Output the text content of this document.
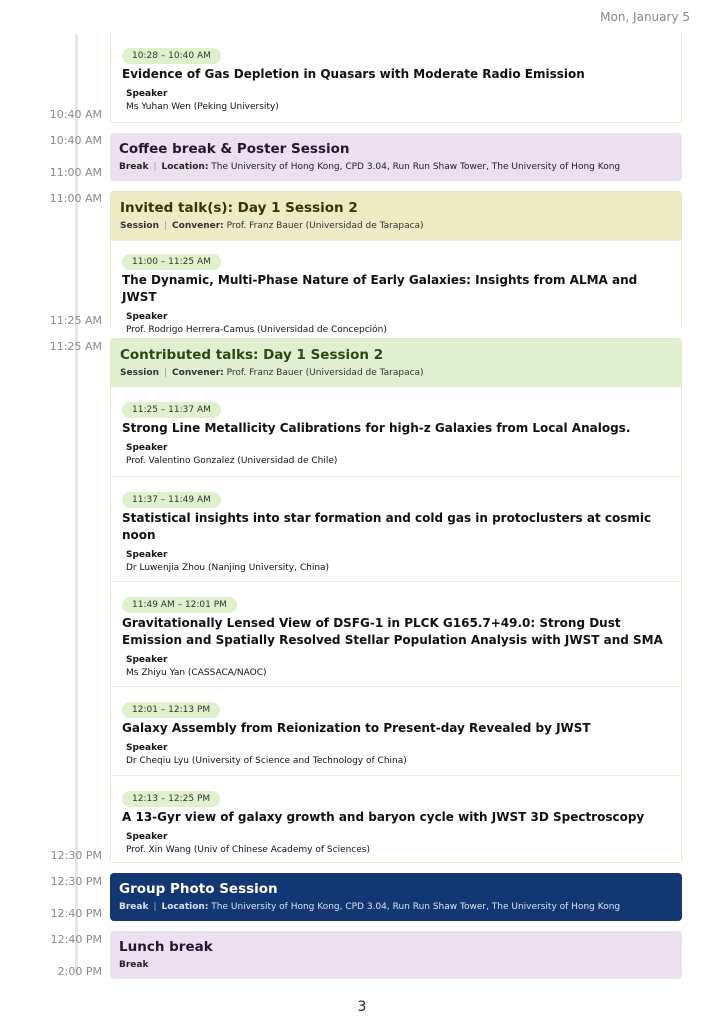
Mon, January 5
10:40 AM
10:40 AM
11:00 AM
11:00 AM
11:25 AM
11:25 AM
12:30 PM
12:30 PM
12:40 PM
12:40 PM
2:00 PM
10:28 – 10:40 AM
Evidence of Gas Depletion in Quasars with Moderate Radio Emission
Speaker
Ms Yuhan Wen (Peking University)
Coffee break & Poster Session
Break | Location: The University of Hong Kong, CPD 3.04, Run Run Shaw Tower, The University of Hong Kong
Invited talk(s): Day 1 Session 2
Session | Convener: Prof. Franz Bauer (Universidad de Tarapaca)
11:00 – 11:25 AM
The Dynamic, Multi-Phase Nature of Early Galaxies: Insights from ALMA and JWST
Speaker
Prof. Rodrigo Herrera-Camus (Universidad de Concepción)
Contributed talks: Day 1 Session 2
Session | Convener: Prof. Franz Bauer (Universidad de Tarapaca)
11:25 – 11:37 AM
Strong Line Metallicity Calibrations for high-z Galaxies from Local Analogs.
Speaker
Prof. Valentino Gonzalez (Universidad de Chile)
11:37 – 11:49 AM
Statistical insights into star formation and cold gas in protoclusters at cosmic noon
Speaker
Dr Luwenjia Zhou (Nanjing University, China)
11:49 AM – 12:01 PM
Gravitationally Lensed View of DSFG-1 in PLCK G165.7+49.0: Strong Dust Emission and Spatially Resolved Stellar Population Analysis with JWST and SMA
Speaker
Ms Zhiyu Yan (CASSACA/NAOC)
12:01 – 12:13 PM
Galaxy Assembly from Reionization to Present-day Revealed by JWST
Speaker
Dr Cheqiu Lyu (University of Science and Technology of China)
12:13 – 12:25 PM
A 13-Gyr view of galaxy growth and baryon cycle with JWST 3D Spectroscopy
Speaker
Prof. Xin Wang (Univ of Chinese Academy of Sciences)
Group Photo Session
Break | Location: The University of Hong Kong, CPD 3.04, Run Run Shaw Tower, The University of Hong Kong
Lunch break
Break
3
